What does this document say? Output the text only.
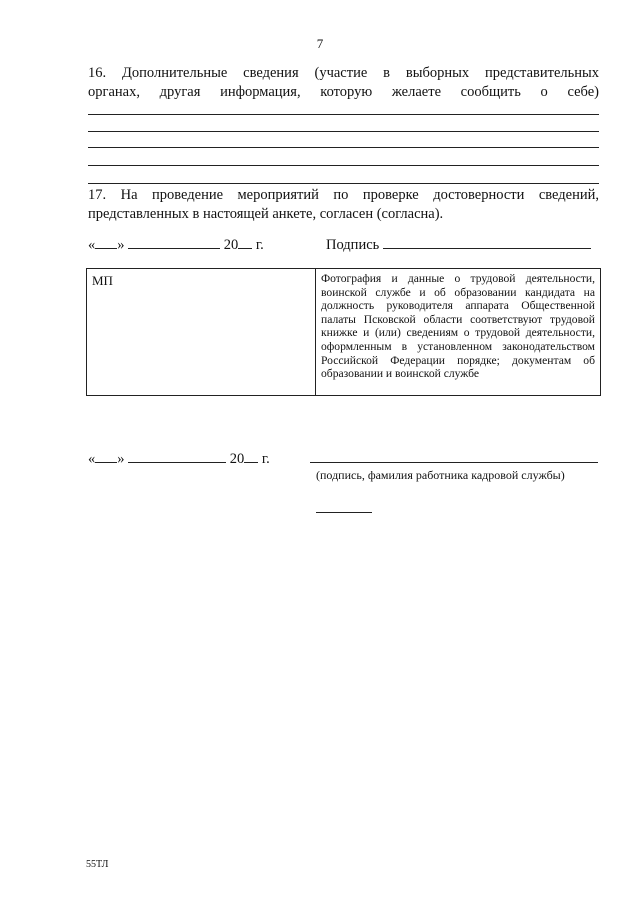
7
16. Дополнительные сведения (участие в выборных представительных
органах, другая информация, которую желаете сообщить о себе)
17. На проведение мероприятий по проверке достоверности сведений,
представленных в настоящей анкете, согласен (согласна).
« »	20 г.	Подпись
МП	Фотография и данные о трудовой деятельности, воинской службе и об образовании кандидата на должность руководителя аппарата Общественной палаты Псковской области соответствуют трудовой книжке и (или) сведениям о трудовой деятельности, оформленным в установленном законодательством Российской Федерации порядке; документам об образовании и воинской службе
« »	20 г.
(подпись, фамилия работника кадровой службы)
55ТЛ
